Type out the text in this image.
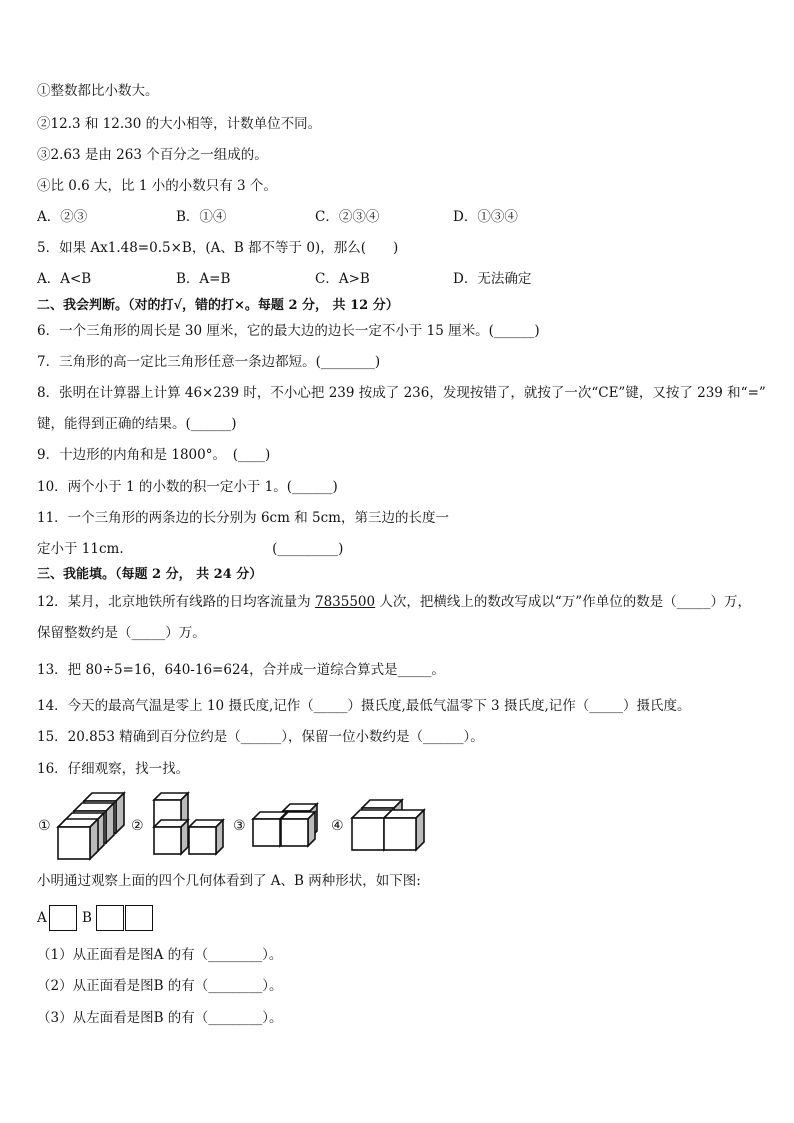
①整数都比小数大。
②12.3 和 12.30 的大小相等，计数单位不同。
③2.63 是由 263 个百分之一组成的。
④比 0.6 大，比 1 小的小数只有 3 个。
A．②③	B．①④	C．②③④	D．①③④
5．如果 Ax1.48=0.5×B，(A、B 都不等于 0)，那么(　　)
A．A<B	B．A=B	C．A>B	D．无法确定
二、我会判断。（对的打√，错的打×。每题 2 分， 共 12 分）
6．一个三角形的周长是 30 厘米，它的最大边的边长一定不小于 15 厘米。(______)
7．三角形的高一定比三角形任意一条边都短。(________)
8．张明在计算器上计算 46×239 时，不小心把 239 按成了 236，发现按错了，就按了一次“CE”键，又按了 239 和“=”
键，能得到正确的结果。(______)
9．十边形的内角和是 1800°。　(____)
10．两个小于 1 的小数的积一定小于 1。(______)
11．一个三角形的两条边的长分别为 6cm 和 5cm，第三边的长度一
定小于 11cm.　　　　　　　　　　　(_________)
三、我能填。（每题 2 分， 共 24 分）
12．某月，北京地铁所有线路的日均客流量为 7835500 人次，把横线上的数改写成以“万”作单位的数是（_____）万，
保留整数约是（_____）万。
13．把 80÷5=16，640-16=624，合并成一道综合算式是_____。
14．今天的最高气温是零上 10 摄氏度,记作（_____）摄氏度,最低气温零下 3 摄氏度,记作（_____）摄氏度。
15．20.853 精确到百分位约是（______），保留一位小数约是（______）。
16．仔细观察，找一找。
①	②	③	④
小明通过观察上面的四个几何体看到了 A、B 两种形状，如下图:
A	B
（1）从正面看是图A 的有（________）。
（2）从正面看是图B 的有（________）。
（3）从左面看是图B 的有（________）。
